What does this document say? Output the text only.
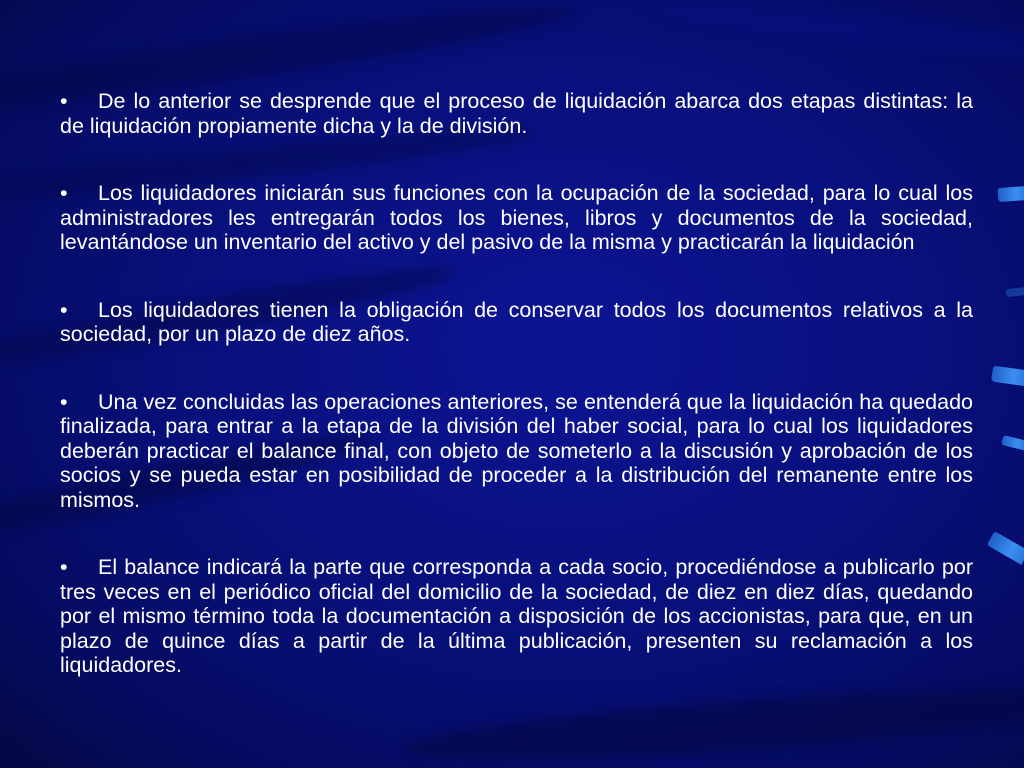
• De lo anterior se desprende que el proceso de liquidación abarca dos etapas distintas: la de liquidación propiamente dicha y la de división.

• Los liquidadores iniciarán sus funciones con la ocupación de la sociedad, para lo cual los administradores les entregarán todos los bienes, libros y documentos de la sociedad, levantándose un inventario del activo y del pasivo de la misma y practicarán la liquidación

• Los liquidadores tienen la obligación de conservar todos los documentos relativos a la sociedad, por un plazo de diez años.

• Una vez concluidas las operaciones anteriores, se entenderá que la liquidación ha quedado finalizada, para entrar a la etapa de la división del haber social, para lo cual los liquidadores deberán practicar el balance final, con objeto de someterlo a la discusión y aprobación de los socios y se pueda estar en posibilidad de proceder a la distribución del remanente entre los mismos.

• El balance indicará la parte que corresponda a cada socio, procediéndose a publicarlo por tres veces en el periódico oficial del domicilio de la sociedad, de diez en diez días, quedando por el mismo término toda la documentación a disposición de los accionistas, para que, en un plazo de quince días a partir de la última publicación, presenten su reclamación a los liquidadores.
